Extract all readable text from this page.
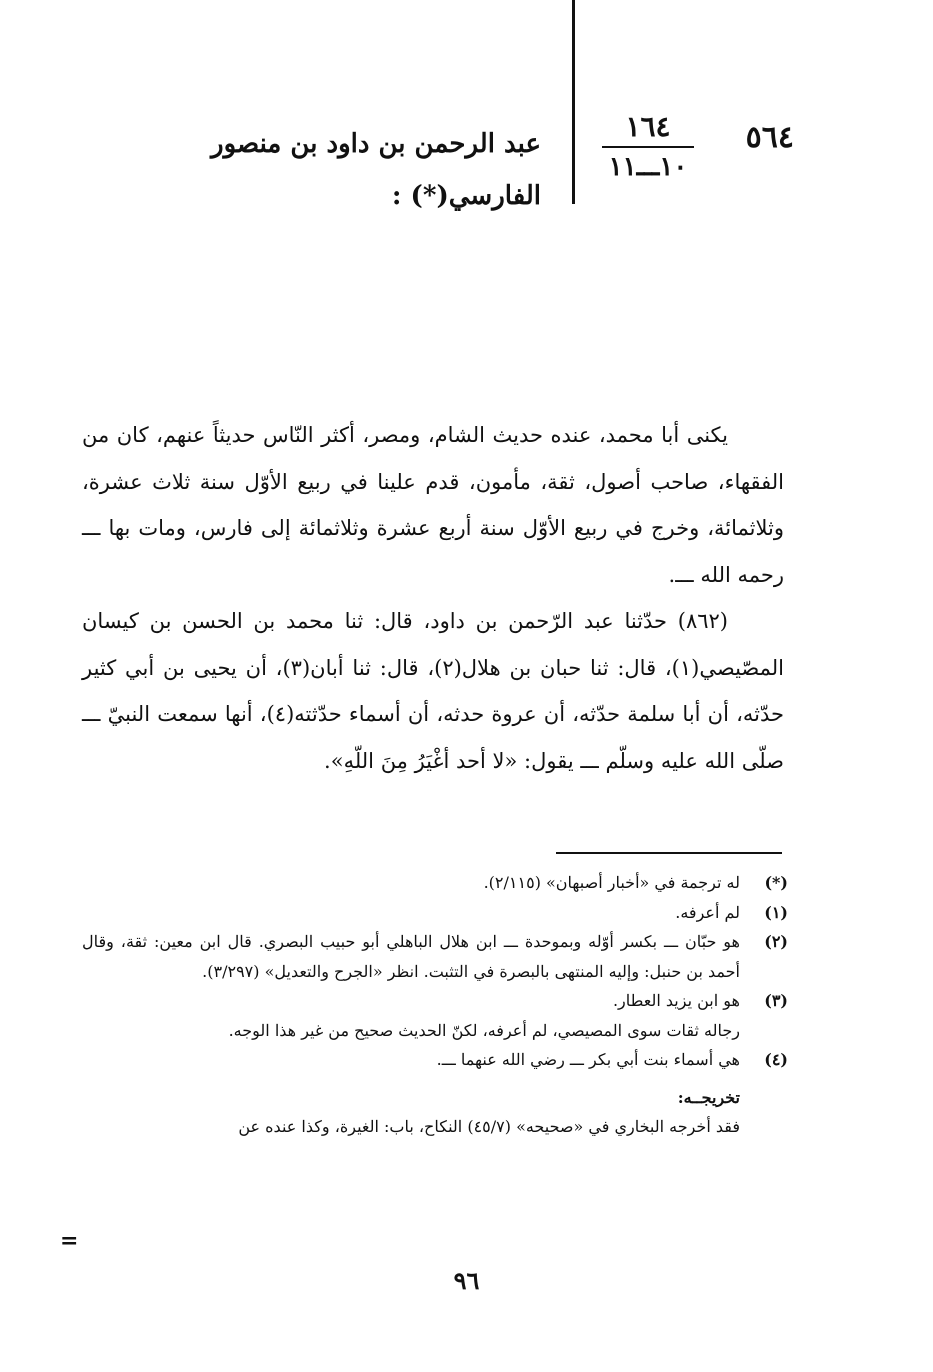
٥٦٤
١٦٤
١٠ـــ١١
عبد الرحمن بن داود بن منصور
الفارسي(*) :

يكنى أبا محمد، عنده حديث الشام، ومصر، أكثر النّاس حديثاً عنهم، كان من الفقهاء، صاحب أصول، ثقة، مأمون، قدم علينا في ربيع الأوّل سنة ثلاث عشرة، وثلاثمائة، وخرج في ربيع الأوّل سنة أربع عشرة وثلاثمائة إلى فارس، ومات بها ـــ رحمه الله ـــ.

(٨٦٢) حدّثنا عبد الرّحمن بن داود، قال: ثنا محمد بن الحسن بن كيسان المصّيصي(١)، قال: ثنا حبان بن هلال(٢)، قال: ثنا أبان(٣)، أن يحيى بن أبي كثير حدّثه، أن أبا سلمة حدّثه، أن عروة حدثه، أن أسماء حدّثته(٤)، أنها سمعت النبيّ ـــ صلّى الله عليه وسلّم ـــ يقول: «لا أحد أغْيَرُ مِنَ اللّهِ».

(*)
له ترجمة في «أخبار أصبهان» (٢/١١٥).
(١)
لم أعرفه.
(٢)
هو حبّان ـــ بكسر أوّله وبموحدة ـــ ابن هلال الباهلي أبو حبيب البصري. قال ابن معين: ثقة، وقال أحمد بن حنبل: وإليه المنتهى بالبصرة في التثبت. انظر «الجرح والتعديل» (٣/٢٩٧).
(٣)
هو ابن يزيد العطار.
رجاله ثقات سوى المصيصي، لم أعرفه، لكنّ الحديث صحيح من غير هذا الوجه.
(٤)
هي أسماء بنت أبي بكر ـــ رضي الله عنهما ـــ.
تخريجــه:
فقد أخرجه البخاري في «صحيحه» (٤٥/٧) النكاح، باب: الغيرة، وكذا عنده عن
=
٩٦
